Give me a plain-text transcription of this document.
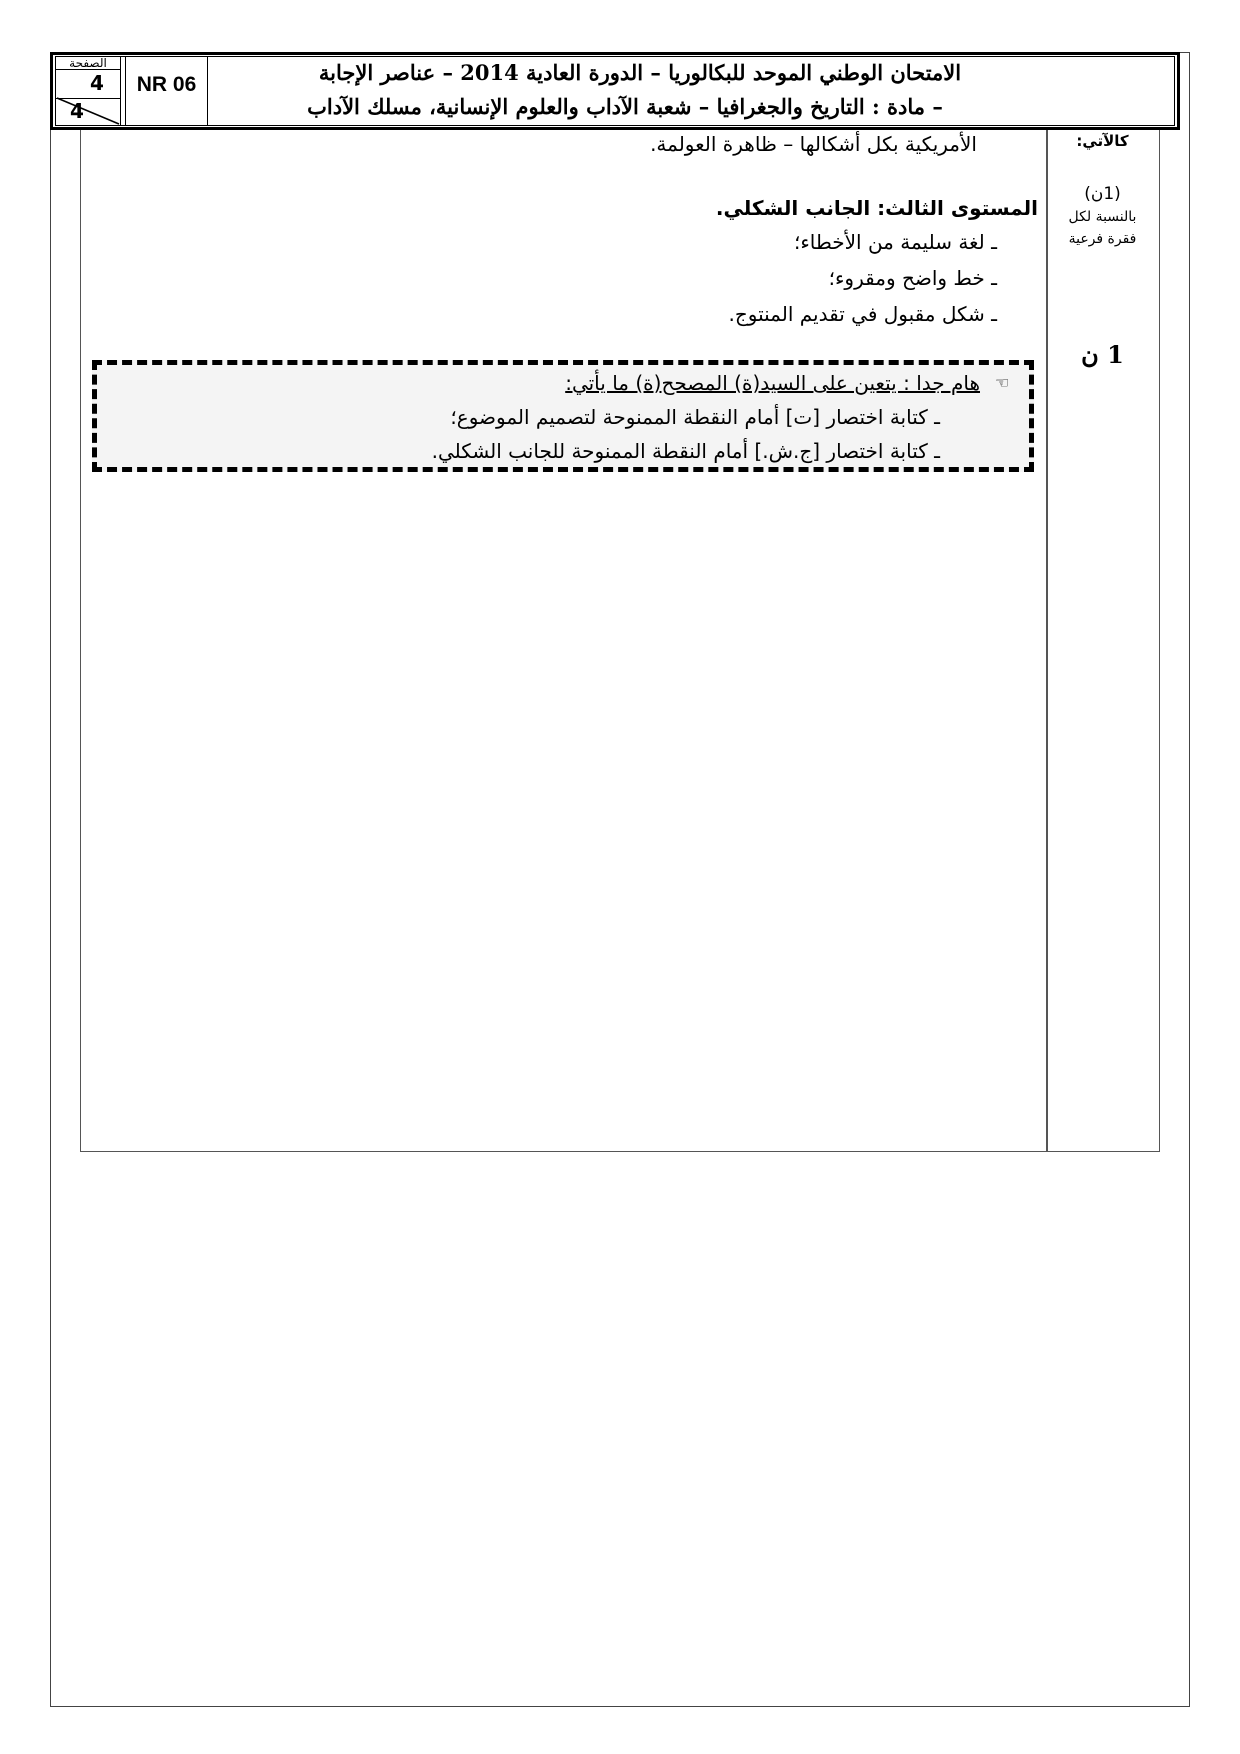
الصفحة
4
4
NR 06	الامتحان الوطني الموحد للبكالوريا – الدورة العادية 2014 – عناصر الإجابة
– مادة : التاريخ والجغرافيا – شعبة الآداب والعلوم الإنسانية، مسلك الآداب
كالآتي:
(1ن)
بالنسبة لكل
فقرة فرعية
1 ن
الأمريكية بكل أشكالها – ظاهرة العولمة.
المستوى الثالث: الجانب الشكلي.
ـ لغة سليمة من الأخطاء؛
ـ خط واضح ومقروء؛
ـ شكل مقبول في تقديم المنتوج.
☜
هام جدا : يتعين على السيد(ة) المصحح(ة) ما يأتي:
ـ كتابة اختصار [ت] أمام النقطة الممنوحة لتصميم الموضوع؛
ـ كتابة اختصار [ج.ش.] أمام النقطة الممنوحة للجانب الشكلي.
